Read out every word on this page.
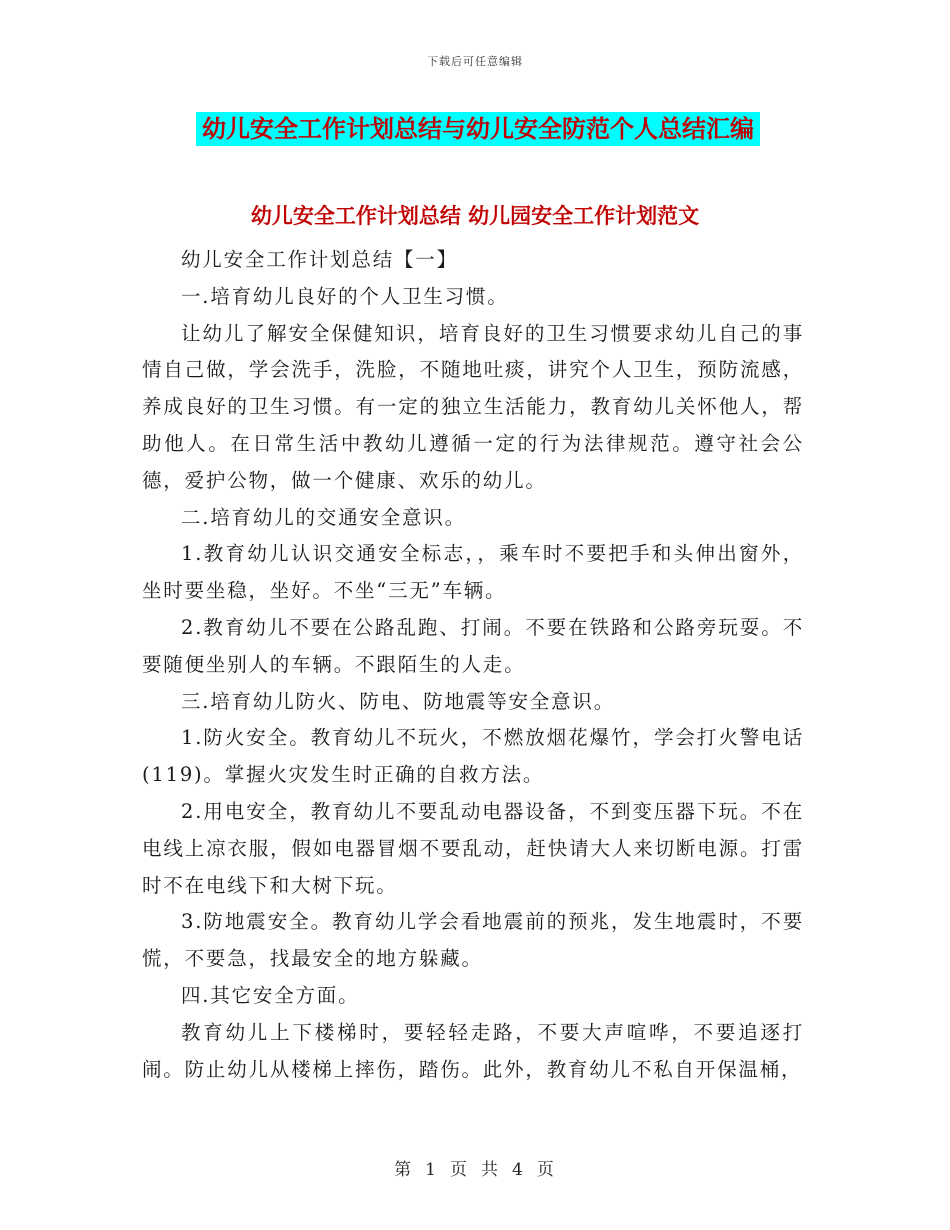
下载后可任意编辑
幼儿安全工作计划总结与幼儿安全防范个人总结汇编
幼儿安全工作计划总结 幼儿园安全工作计划范文

幼儿安全工作计划总结【一】

一.培育幼儿良好的个人卫生习惯。

让幼儿了解安全保健知识，培育良好的卫生习惯要求幼儿自己的事情自己做，学会洗手，洗脸，不随地吐痰，讲究个人卫生，预防流感，养成良好的卫生习惯。有一定的独立生活能力，教育幼儿关怀他人，帮助他人。在日常生活中教幼儿遵循一定的行为法律规范。遵守社会公德，爱护公物，做一个健康、欢乐的幼儿。

二.培育幼儿的交通安全意识。

1.教育幼儿认识交通安全标志，，乘车时不要把手和头伸出窗外，坐时要坐稳，坐好。不坐“三无”车辆。

2.教育幼儿不要在公路乱跑、打闹。不要在铁路和公路旁玩耍。不要随便坐别人的车辆。不跟陌生的人走。

三.培育幼儿防火、防电、防地震等安全意识。

1.防火安全。教育幼儿不玩火，不燃放烟花爆竹，学会打火警电话(119)。掌握火灾发生时正确的自救方法。

2.用电安全，教育幼儿不要乱动电器设备，不到变压器下玩。不在电线上凉衣服，假如电器冒烟不要乱动，赶快请大人来切断电源。打雷时不在电线下和大树下玩。

3.防地震安全。教育幼儿学会看地震前的预兆，发生地震时，不要慌，不要急，找最安全的地方躲藏。

四.其它安全方面。

教育幼儿上下楼梯时，要轻轻走路，不要大声喧哗，不要追逐打闹。防止幼儿从楼梯上摔伤，踏伤。此外，教育幼儿不私自开保温桶，

第 1 页 共 4 页
